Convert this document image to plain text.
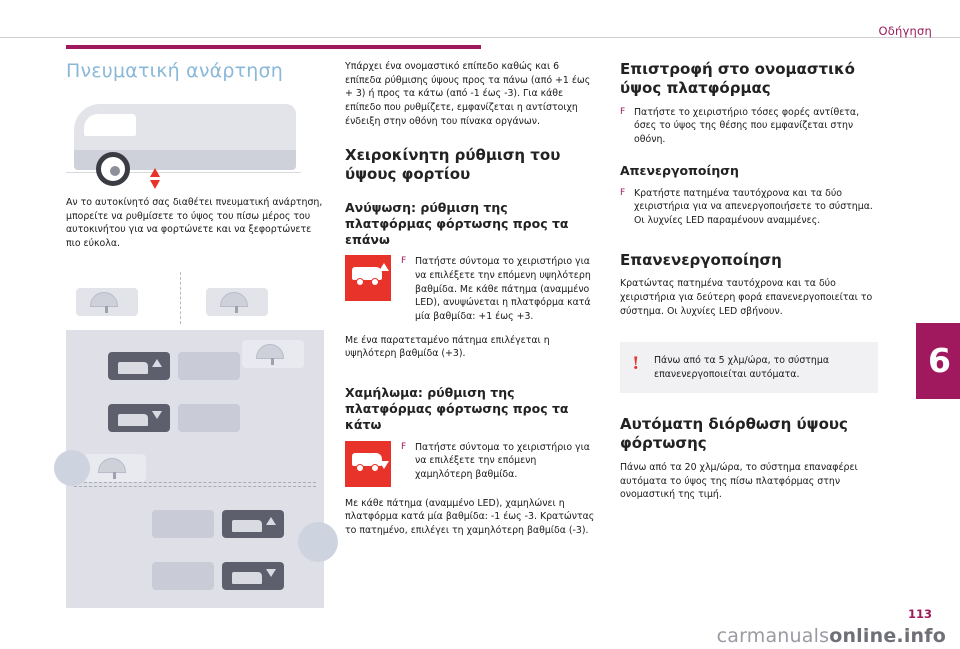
Οδήγηση
6
Πνευματική ανάρτηση

Αν το αυτοκίνητό σας διαθέτει πνευματική ανάρτηση, μπορείτε να ρυθμίσετε το ύψος του πίσω μέρος του αυτοκινήτου για να φορτώνετε και να ξεφορτώνετε πιο εύκολα.

Υπάρχει ένα ονομαστικό επίπεδο καθώς και 6 επίπεδα ρύθμισης ύψους προς τα πάνω (από +1 έως + 3) ή προς τα κάτω (από -1 έως -3). Για κάθε επίπεδο που ρυθμίζετε, εμφανίζεται η αντίστοιχη ένδειξη στην οθόνη του πίνακα οργάνων.

Χειροκίνητη ρύθμιση του ύψους φορτίου
Ανύψωση: ρύθμιση της πλατφόρμας φόρτωσης προς τα επάνω
F Πατήστε σύντομα το χειριστήριο για να επιλέξετε την επόμενη υψηλότερη βαθμίδα. Με κάθε πάτημα (αναμμένο LED), ανυψώνεται η πλατφόρμα κατά μία βαθμίδα: +1 έως +3.

Με ένα παρατεταμένο πάτημα επιλέγεται η υψηλότερη βαθμίδα (+3).

Χαμήλωμα: ρύθμιση της πλατφόρμας φόρτωσης προς τα κάτω
F Πατήστε σύντομα το χειριστήριο για να επιλέξετε την επόμενη χαμηλότερη βαθμίδα.

Με κάθε πάτημα (αναμμένο LED), χαμηλώνει η πλατφόρμα κατά μία βαθμίδα: -1 έως -3. Κρατώντας το πατημένο, επιλέγει τη χαμηλότερη βαθμίδα (-3).

Επιστροφή στο ονομαστικό ύψος πλατφόρμας
F Πατήστε το χειριστήριο τόσες φορές αντίθετα, όσες το ύψος της θέσης που εμφανίζεται στην οθόνη.
Απενεργοποίηση
F Κρατήστε πατημένα ταυτόχρονα και τα δύο χειριστήρια για να απενεργοποιήσετε το σύστημα. Οι λυχνίες LED παραμένουν αναμμένες.
Επανενεργοποίηση

Κρατώντας πατημένα ταυτόχρονα και τα δύο χειριστήρια για δεύτερη φορά επανενεργοποιείται το σύστημα. Οι λυχνίες LED σβήνουν.

! Πάνω από τα 5 χλμ/ώρα, το σύστημα επανενεργοποιείται αυτόματα.
Αυτόματη διόρθωση ύψους φόρτωσης

Πάνω από τα 20 χλμ/ώρα, το σύστημα επαναφέρει αυτόματα το ύψος της πίσω πλατφόρμας στην ονομαστική της τιμή.

113
carmanualsonline.info
